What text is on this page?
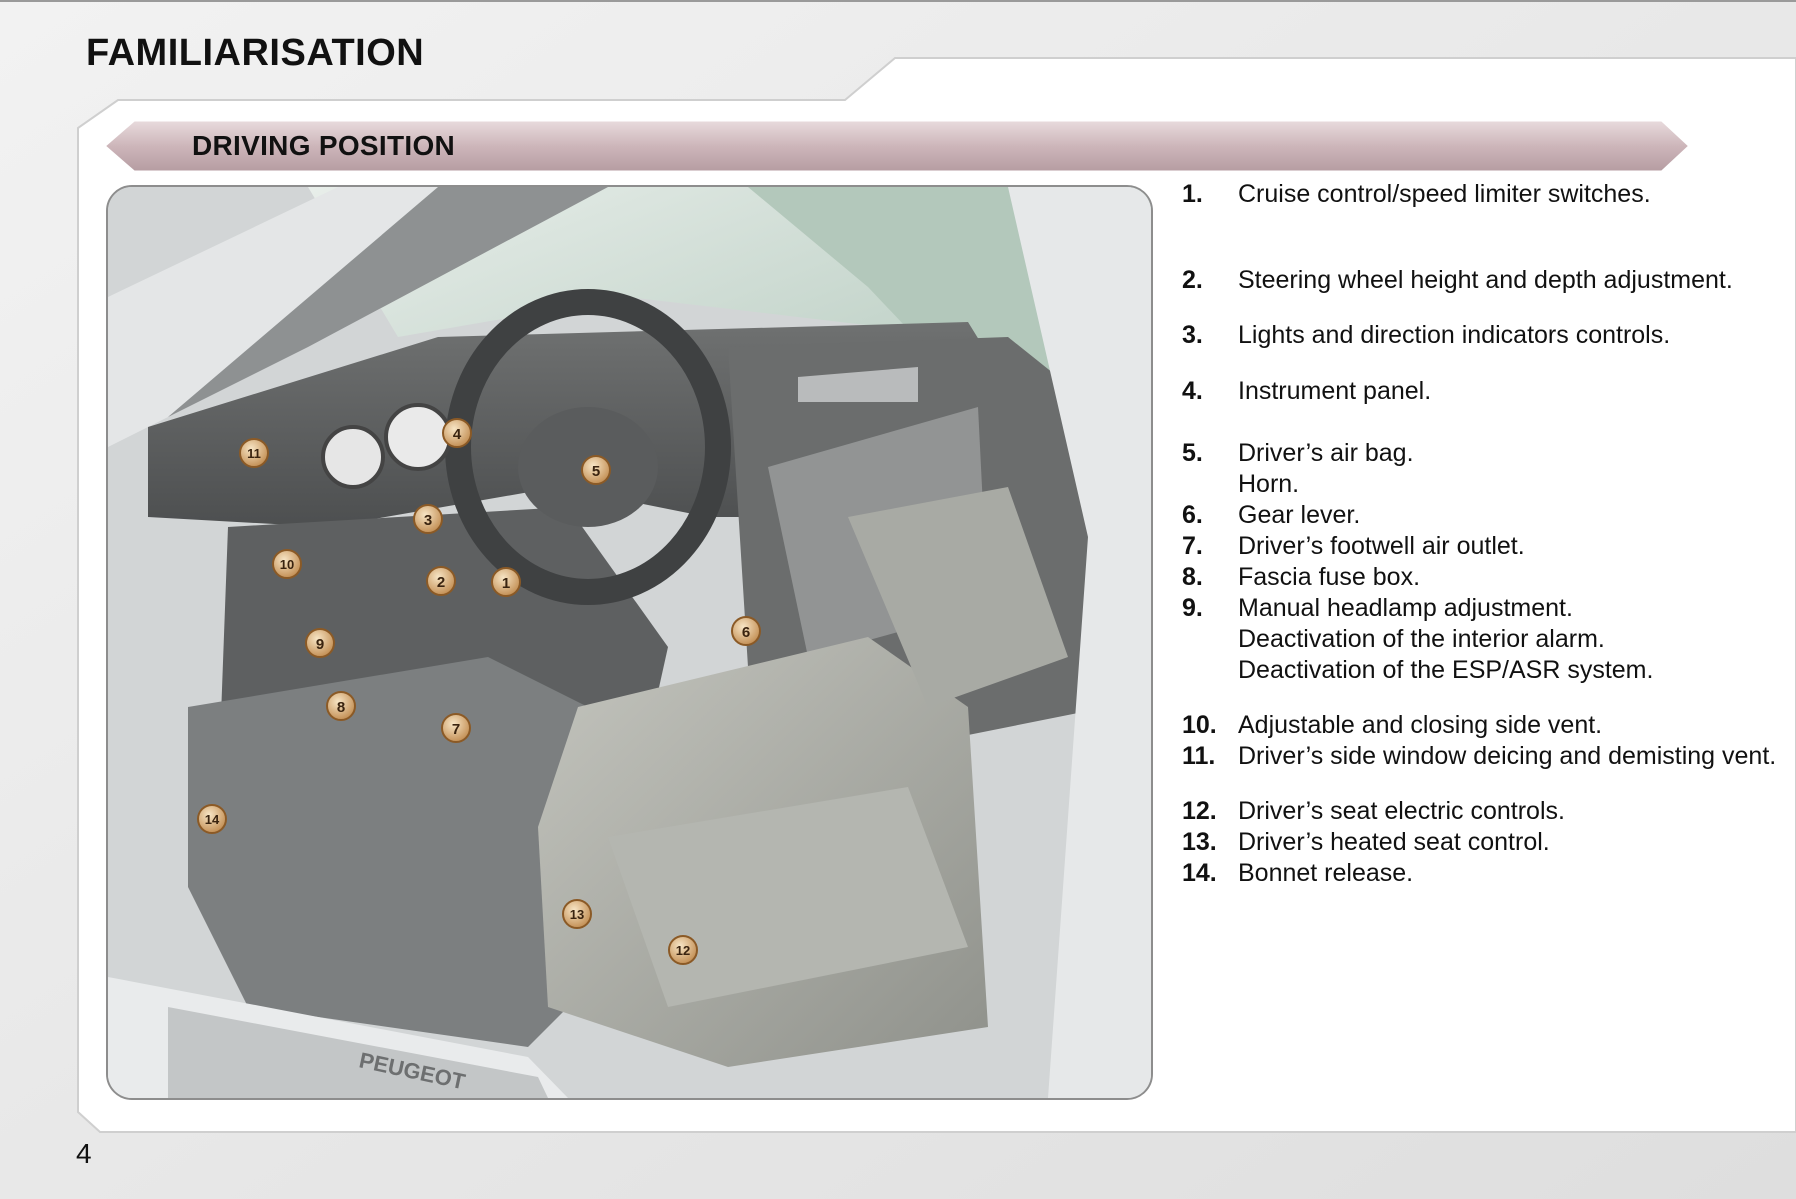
FAMILIARISATION
DRIVING POSITION
PEUGEOT
1
2
3
4
5
6
7
8
9
10
11
12
13
14
1. Cruise control/speed limiter switches.
2. Steering wheel height and depth adjustment.
3. Lights and direction indicators controls.
4. Instrument panel.
5. Driver’s air bag.
Horn.
6. Gear lever.
7. Driver’s footwell air outlet.
8. Fascia fuse box.
9. Manual headlamp adjustment.
Deactivation of the interior alarm.
Deactivation of the ESP/ASR system.
10. Adjustable and closing side vent.
11. Driver’s side window deicing and demisting vent.
12. Driver’s seat electric controls.
13. Driver’s heated seat control.
14. Bonnet release.

4
